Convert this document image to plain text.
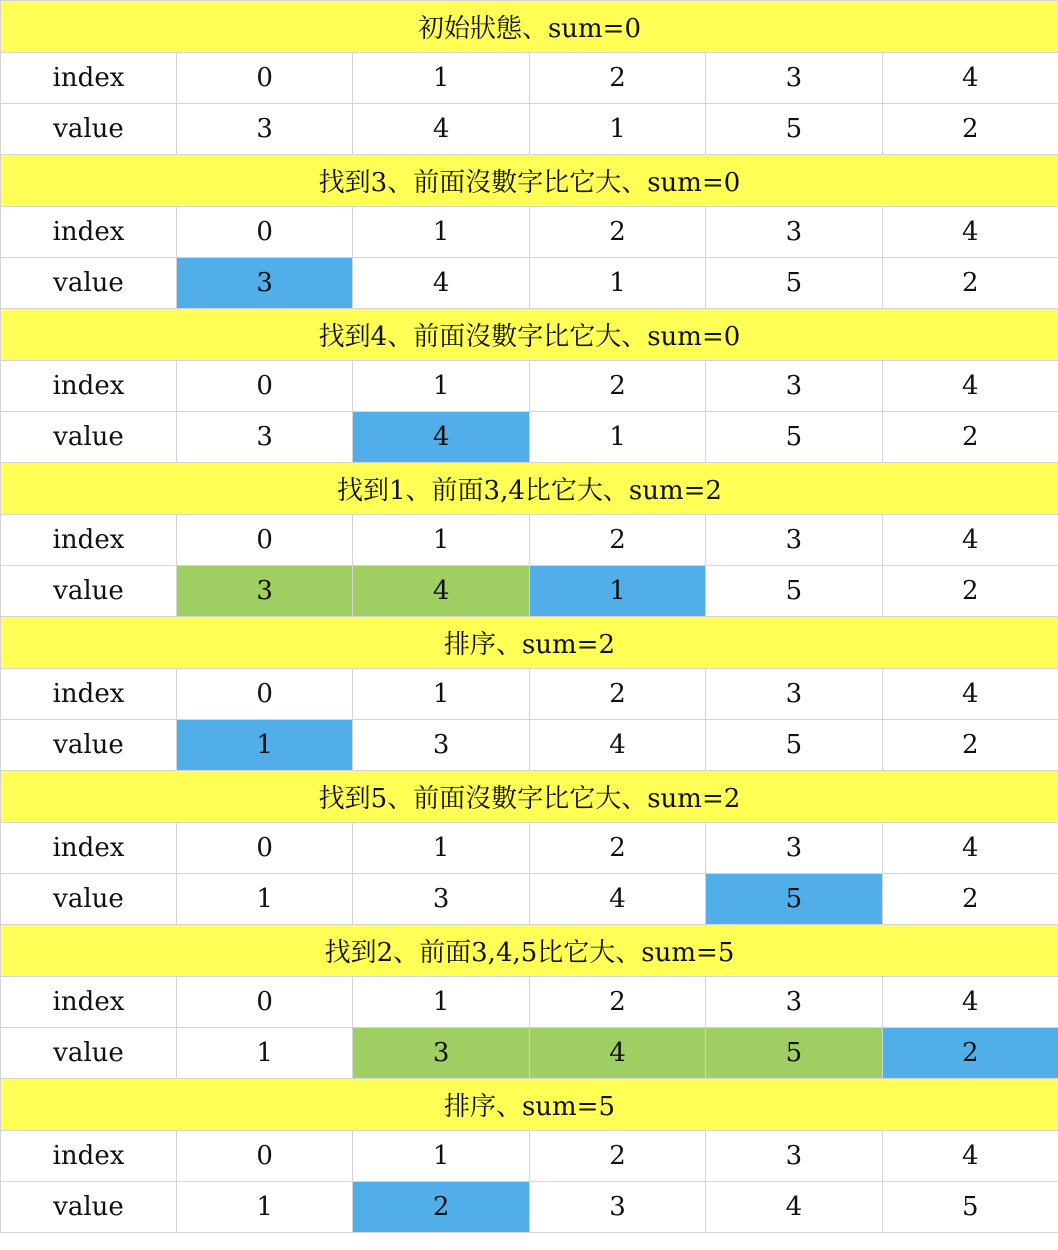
初始狀態、sum=0					
index	0	1	2	3	4
value	3	4	1	5	2
找到3、前面沒數字比它大、sum=0					
index	0	1	2	3	4
value	3	4	1	5	2
找到4、前面沒數字比它大、sum=0					
index	0	1	2	3	4
value	3	4	1	5	2
找到1、前面3,4比它大、sum=2					
index	0	1	2	3	4
value	3	4	1	5	2
排序、sum=2					
index	0	1	2	3	4
value	1	3	4	5	2
找到5、前面沒數字比它大、sum=2					
index	0	1	2	3	4
value	1	3	4	5	2
找到2、前面3,4,5比它大、sum=5					
index	0	1	2	3	4
value	1	3	4	5	2
排序、sum=5					
index	0	1	2	3	4
value	1	2	3	4	5
